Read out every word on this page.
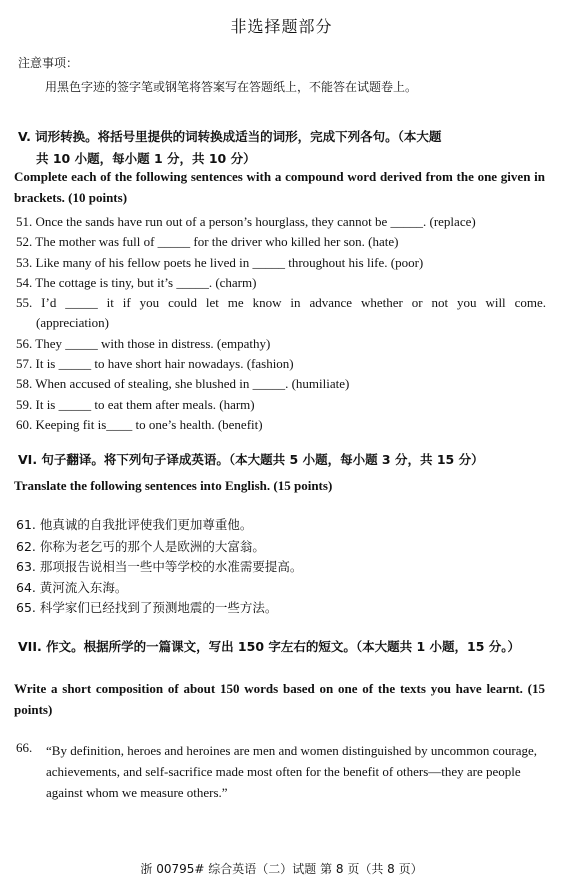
非选择题部分
注意事项：
用黑色字迹的签字笔或钢笔将答案写在答题纸上，不能答在试题卷上。
V. 词形转换。将括号里提供的词转换成适当的词形，完成下列各句。（本大题
共 10 小题，每小题 1 分，共 10 分）
Complete each of the following sentences with a compound word derived from the one given in brackets. (10 points)
51. Once the sands have run out of a person’s hourglass, they cannot be _____. (replace)
52. The mother was full of _____ for the driver who killed her son. (hate)
53. Like many of his fellow poets he lived in _____ throughout his life. (poor)
54. The cottage is tiny, but it’s _____. (charm)
55. I’d _____ it if you could let me know in advance whether or not you will come.
(appreciation)
56. They _____ with those in distress. (empathy)
57. It is _____ to have short hair nowadays. (fashion)
58. When accused of stealing, she blushed in _____. (humiliate)
59. It is _____ to eat them after meals. (harm)
60. Keeping fit is____ to one’s health. (benefit)
VI. 句子翻译。将下列句子译成英语。（本大题共 5 小题，每小题 3 分，共 15 分）
Translate the following sentences into English. (15 points)
61. 他真诚的自我批评使我们更加尊重他。
62. 你称为老乞丐的那个人是欧洲的大富翁。
63. 那项报告说相当一些中等学校的水准需要提高。
64. 黄河流入东海。
65. 科学家们已经找到了预测地震的一些方法。
VII. 作文。根据所学的一篇课文，写出 150 字左右的短文。（本大题共 1 小题，15 分。）
Write a short composition of about 150 words based on one of the texts you have learnt. (15 points)
66. “By definition, heroes and heroines are men and women distinguished by uncommon courage, achievements, and self-sacrifice made most often for the benefit of others—they are people against whom we measure others.”
浙 00795# 综合英语（二）试题 第 8 页（共 8 页）
